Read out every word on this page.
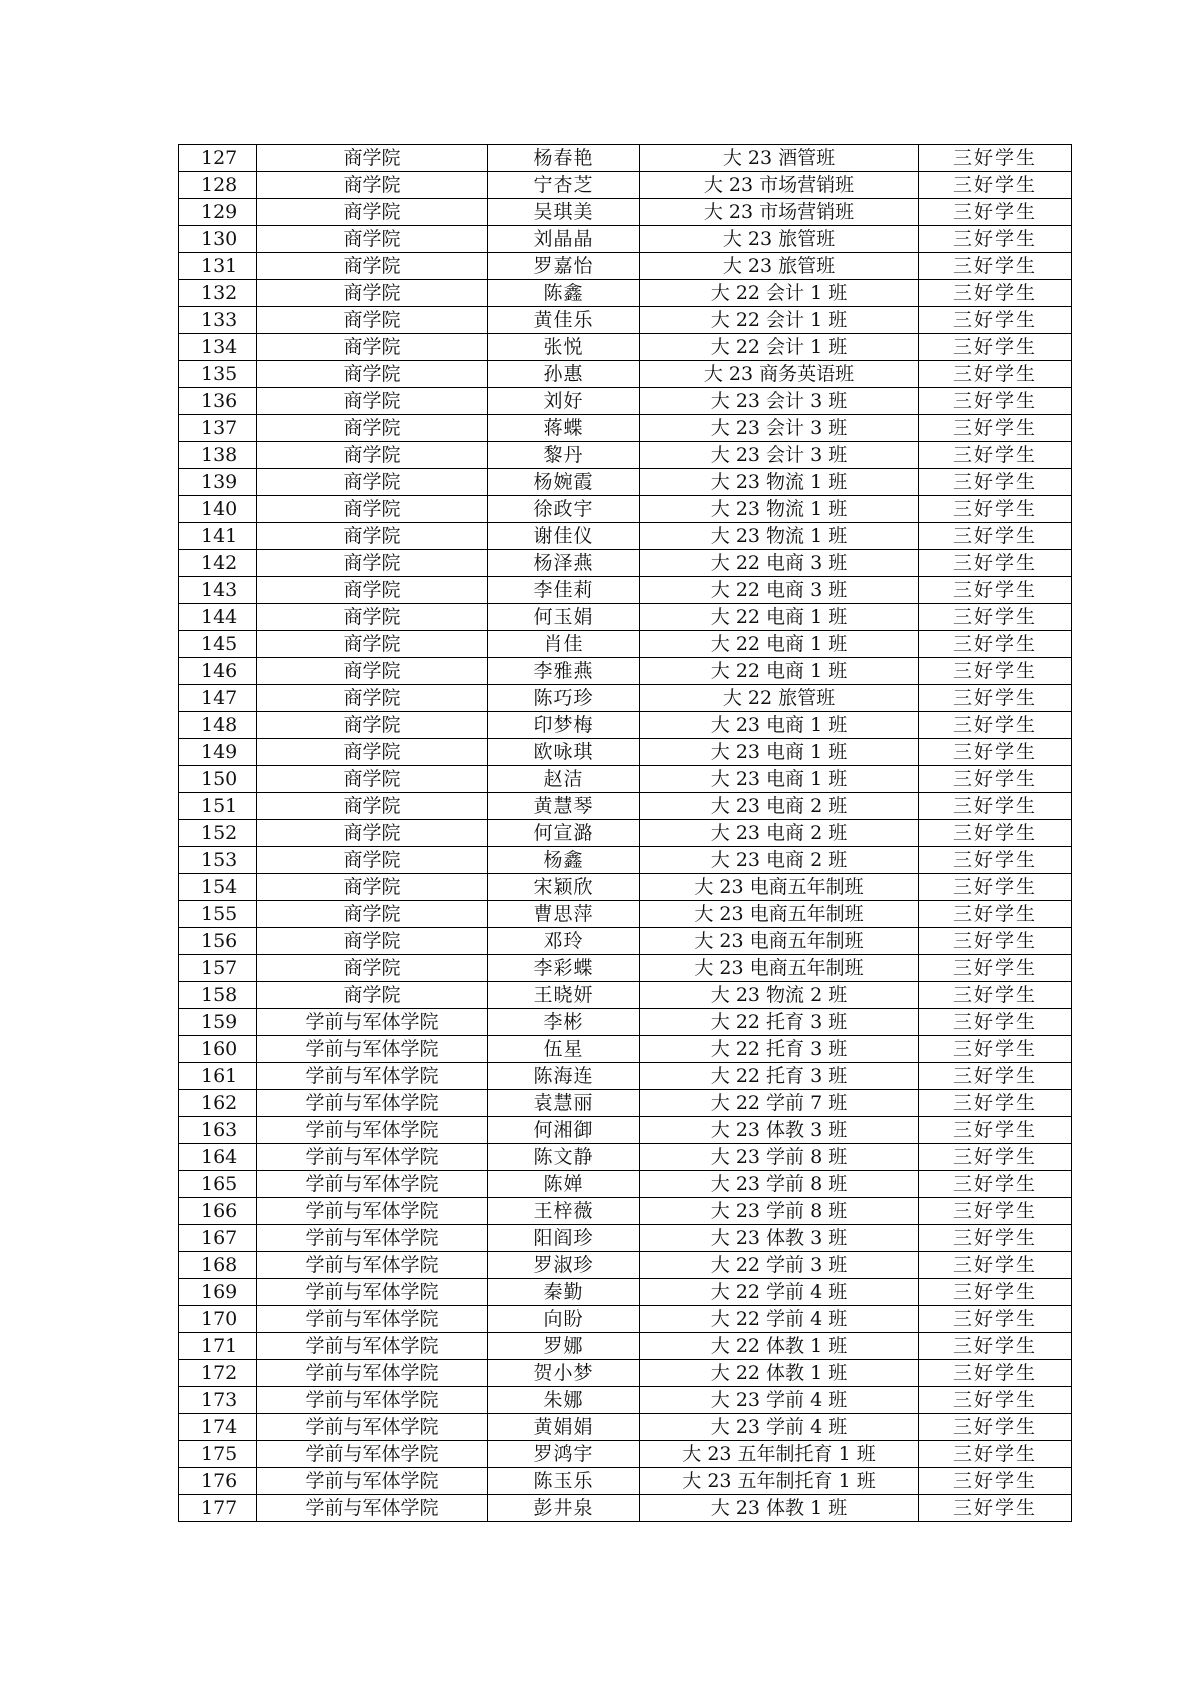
127	商学院	杨春艳	大 23 酒管班	三好学生
128	商学院	宁杏芝	大 23 市场营销班	三好学生
129	商学院	吴琪美	大 23 市场营销班	三好学生
130	商学院	刘晶晶	大 23 旅管班	三好学生
131	商学院	罗嘉怡	大 23 旅管班	三好学生
132	商学院	陈鑫	大 22 会计 1 班	三好学生
133	商学院	黄佳乐	大 22 会计 1 班	三好学生
134	商学院	张悦	大 22 会计 1 班	三好学生
135	商学院	孙惠	大 23 商务英语班	三好学生
136	商学院	刘好	大 23 会计 3 班	三好学生
137	商学院	蒋蝶	大 23 会计 3 班	三好学生
138	商学院	黎丹	大 23 会计 3 班	三好学生
139	商学院	杨婉霞	大 23 物流 1 班	三好学生
140	商学院	徐政宇	大 23 物流 1 班	三好学生
141	商学院	谢佳仪	大 23 物流 1 班	三好学生
142	商学院	杨泽燕	大 22 电商 3 班	三好学生
143	商学院	李佳莉	大 22 电商 3 班	三好学生
144	商学院	何玉娟	大 22 电商 1 班	三好学生
145	商学院	肖佳	大 22 电商 1 班	三好学生
146	商学院	李雅燕	大 22 电商 1 班	三好学生
147	商学院	陈巧珍	大 22 旅管班	三好学生
148	商学院	印梦梅	大 23 电商 1 班	三好学生
149	商学院	欧咏琪	大 23 电商 1 班	三好学生
150	商学院	赵洁	大 23 电商 1 班	三好学生
151	商学院	黄慧琴	大 23 电商 2 班	三好学生
152	商学院	何宣潞	大 23 电商 2 班	三好学生
153	商学院	杨鑫	大 23 电商 2 班	三好学生
154	商学院	宋颖欣	大 23 电商五年制班	三好学生
155	商学院	曹思萍	大 23 电商五年制班	三好学生
156	商学院	邓玲	大 23 电商五年制班	三好学生
157	商学院	李彩蝶	大 23 电商五年制班	三好学生
158	商学院	王晓妍	大 23 物流 2 班	三好学生
159	学前与军体学院	李彬	大 22 托育 3 班	三好学生
160	学前与军体学院	伍星	大 22 托育 3 班	三好学生
161	学前与军体学院	陈海连	大 22 托育 3 班	三好学生
162	学前与军体学院	袁慧丽	大 22 学前 7 班	三好学生
163	学前与军体学院	何湘御	大 23 体教 3 班	三好学生
164	学前与军体学院	陈文静	大 23 学前 8 班	三好学生
165	学前与军体学院	陈婵	大 23 学前 8 班	三好学生
166	学前与军体学院	王梓薇	大 23 学前 8 班	三好学生
167	学前与军体学院	阳阎珍	大 23 体教 3 班	三好学生
168	学前与军体学院	罗淑珍	大 22 学前 3 班	三好学生
169	学前与军体学院	秦勤	大 22 学前 4 班	三好学生
170	学前与军体学院	向盼	大 22 学前 4 班	三好学生
171	学前与军体学院	罗娜	大 22 体教 1 班	三好学生
172	学前与军体学院	贺小梦	大 22 体教 1 班	三好学生
173	学前与军体学院	朱娜	大 23 学前 4 班	三好学生
174	学前与军体学院	黄娟娟	大 23 学前 4 班	三好学生
175	学前与军体学院	罗鸿宇	大 23 五年制托育 1 班	三好学生
176	学前与军体学院	陈玉乐	大 23 五年制托育 1 班	三好学生
177	学前与军体学院	彭井泉	大 23 体教 1 班	三好学生
